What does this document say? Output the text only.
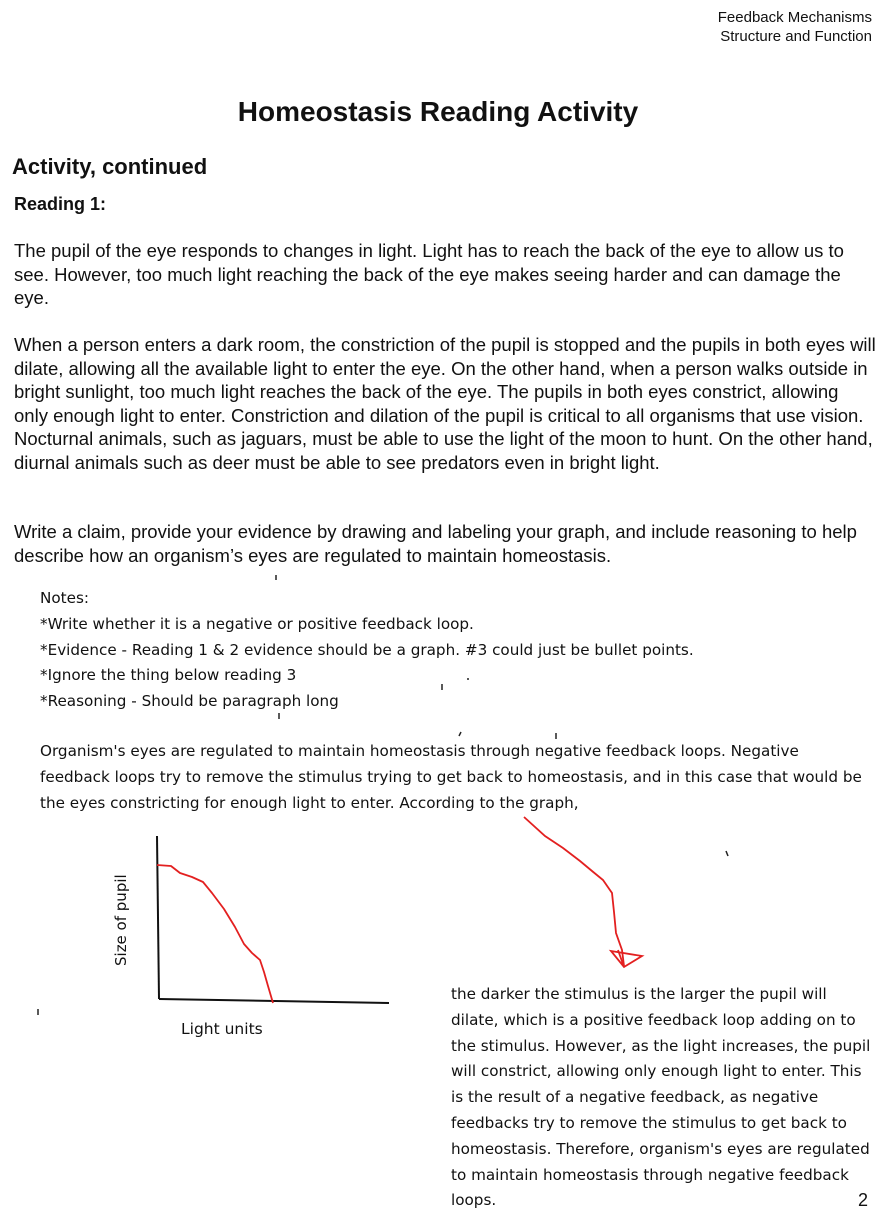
Feedback Mechanisms
Structure and Function
Homeostasis Reading Activity
Activity, continued
Reading 1:

The pupil of the eye responds to changes in light. Light has to reach the back of the eye to allow us to see. However, too much light reaching the back of the eye makes seeing harder and can damage the eye.

When a person enters a dark room, the constriction of the pupil is stopped and the pupils in both eyes will dilate, allowing all the available light to enter the eye. On the other hand, when a person walks outside in bright sunlight, too much light reaches the back of the eye. The pupils in both eyes constrict, allowing only enough light to enter. Constriction and dilation of the pupil is critical to all organisms that use vision. Nocturnal animals, such as jaguars, must be able to use the light of the moon to hunt. On the other hand, diurnal animals such as deer must be able to see predators even in bright light.

Write a claim, provide your evidence by drawing and labeling your graph, and include reasoning to help describe how an organism’s eyes are regulated to maintain homeostasis.

Notes:
*Write whether it is a negative or positive feedback loop.
*Evidence - Reading 1 & 2 evidence should be a graph. #3 could just be bullet points.
*Ignore the thing below reading 3
*Reasoning - Should be paragraph long
Organism's eyes are regulated to maintain homeostasis through negative feedback loops. Negative feedback loops try to remove the stimulus trying to get back to homeostasis, and in this case that would be the eyes constricting for enough light to enter. According to the graph,
Size of pupil
Light units
the darker the stimulus is the larger the pupil will dilate, which is a positive feedback loop adding on to the stimulus. However, as the light increases, the pupil will constrict, allowing only enough light to enter. This is the result of a negative feedback, as negative feedbacks try to remove the stimulus to get back to homeostasis. Therefore, organism's eyes are regulated to maintain homeostasis through negative feedback loops.	2
